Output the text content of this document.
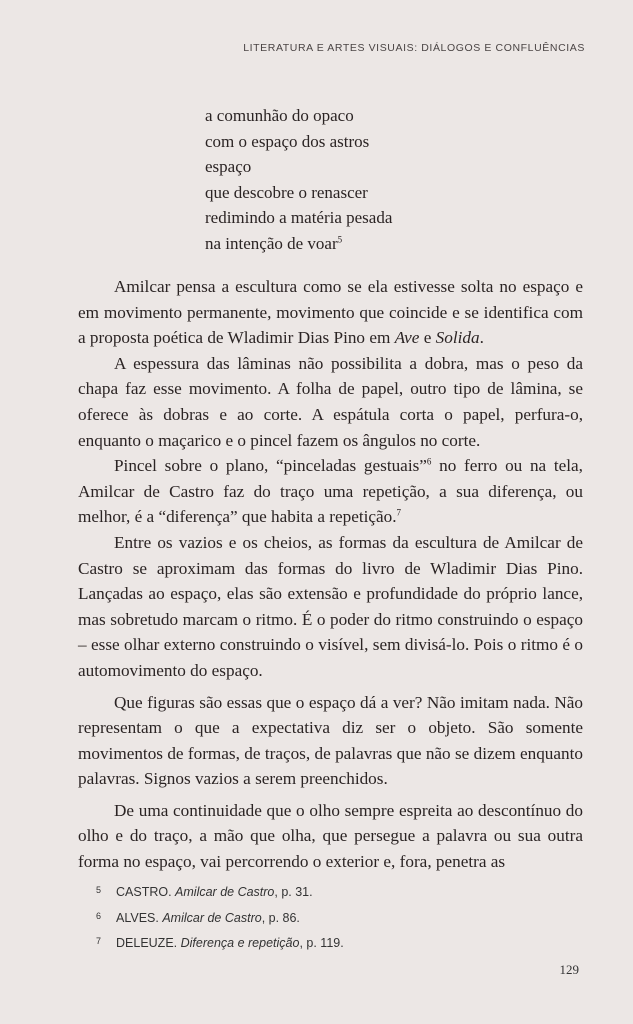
LITERATURA E ARTES VISUAIS: DIÁLOGOS E CONFLUÊNCIAS
a comunhão do opaco
com o espaço dos astros
espaço
que descobre o renascer
redimindo a matéria pesada
na intenção de voar$^5$

Amilcar pensa a escultura como se ela estivesse solta no espaço e em movimento permanente, movimento que coincide e se identifica com a proposta poética de Wladimir Dias Pino em Ave e Solida.

A espessura das lâminas não possibilita a dobra, mas o peso da chapa faz esse movimento. A folha de papel, outro tipo de lâmina, se oferece às dobras e ao corte. A espátula corta o papel, perfura-o, enquanto o maçarico e o pincel fazem os ângulos no corte.

Pincel sobre o plano, “pinceladas gestuais”$^6$ no ferro ou na tela, Amilcar de Castro faz do traço uma repetição, a sua diferença, ou melhor, é a “diferença” que habita a repetição.$^7$

Entre os vazios e os cheios, as formas da escultura de Amilcar de Castro se aproximam das formas do livro de Wladimir Dias Pino. Lançadas ao espaço, elas são extensão e profundidade do próprio lance, mas sobretudo marcam o ritmo. É o poder do ritmo construindo o espaço – esse olhar externo construindo o visível, sem divisá-lo. Pois o ritmo é o automovimento do espaço.

Que figuras são essas que o espaço dá a ver? Não imitam nada. Não representam o que a expectativa diz ser o objeto. São somente movimentos de formas, de traços, de palavras que não se dizem enquanto palavras. Signos vazios a serem preenchidos.

De uma continuidade que o olho sempre espreita ao descontínuo do olho e do traço, a mão que olha, que persegue a palavra ou sua outra forma no espaço, vai percorrendo o exterior e, fora, penetra as

5 CASTRO. Amilcar de Castro, p. 31.
6 ALVES. Amilcar de Castro, p. 86.
7 DELEUZE. Diferença e repetição, p. 119.
129
